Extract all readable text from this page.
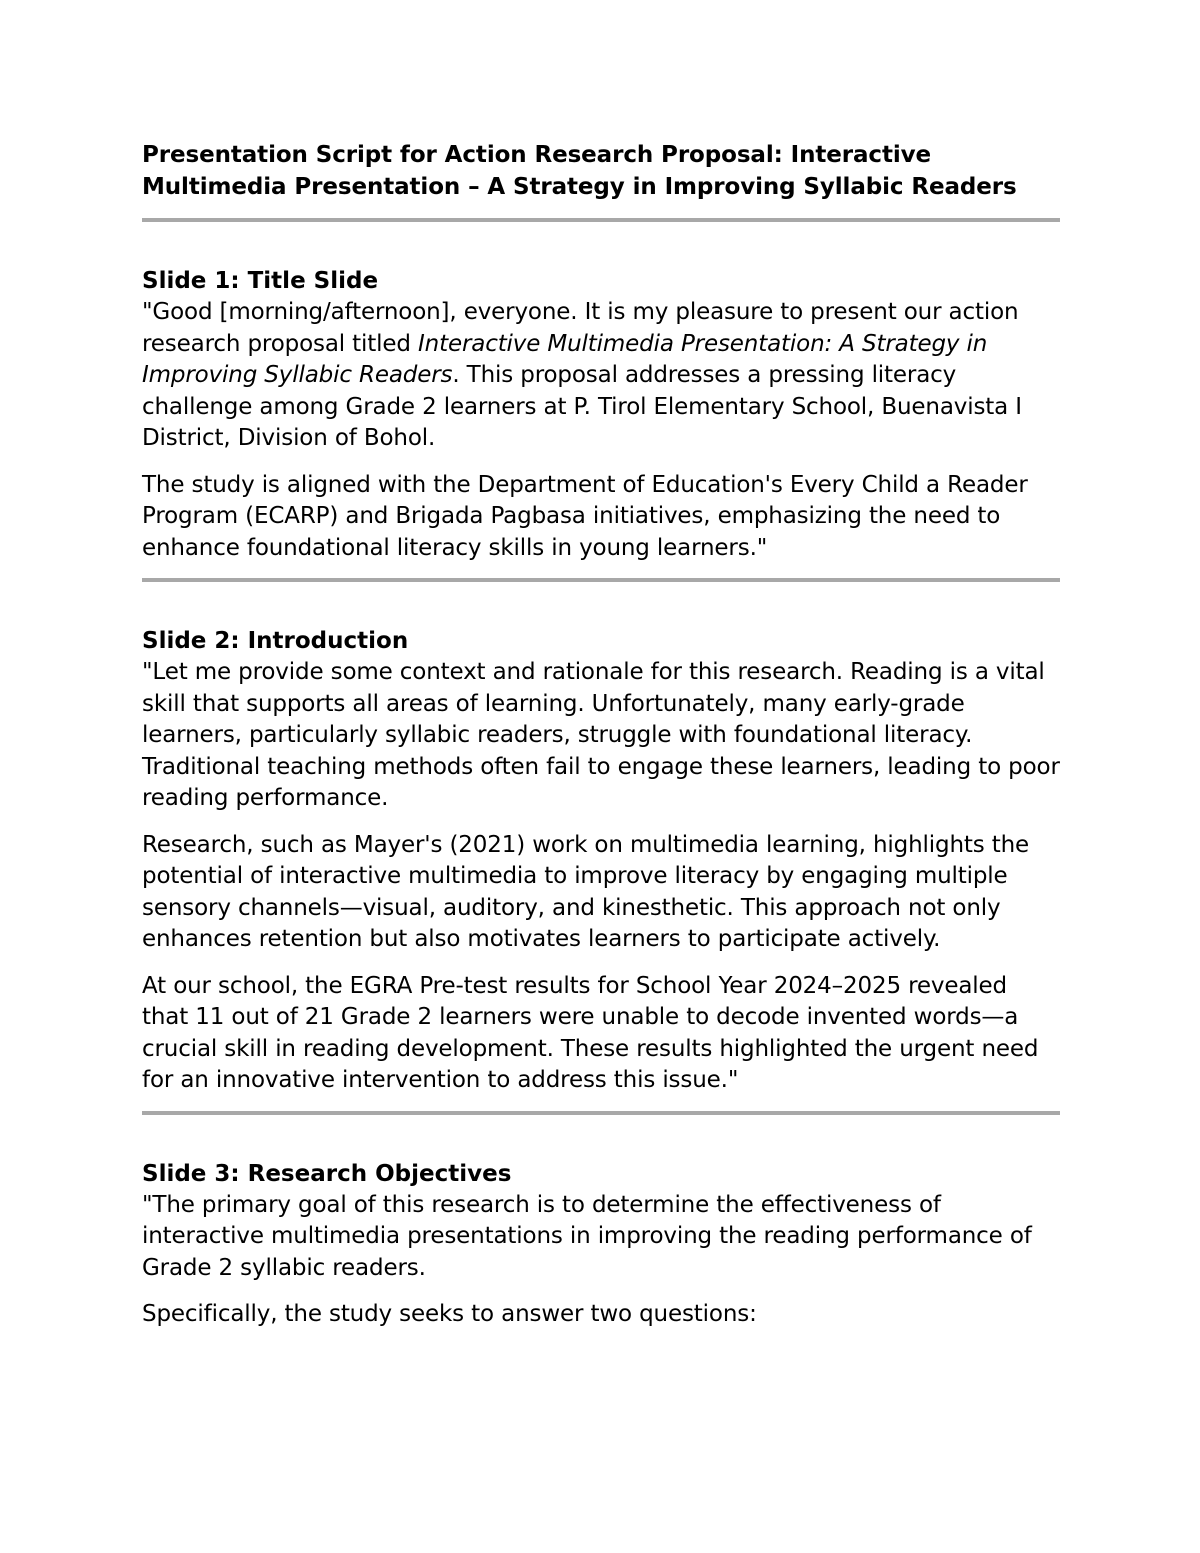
Presentation Script for Action Research Proposal: Interactive
Multimedia Presentation – A Strategy in Improving Syllabic Readers
Slide 1: Title Slide

"Good [morning/afternoon], everyone. It is my pleasure to present our action research proposal titled Interactive Multimedia Presentation: A Strategy in Improving Syllabic Readers. This proposal addresses a pressing literacy challenge among Grade 2 learners at P. Tirol Elementary School, Buenavista I District, Division of Bohol.

The study is aligned with the Department of Education's Every Child a Reader Program (ECARP) and Brigada Pagbasa initiatives, emphasizing the need to enhance foundational literacy skills in young learners."

Slide 2: Introduction

"Let me provide some context and rationale for this research. Reading is a vital skill that supports all areas of learning. Unfortunately, many early-grade learners, particularly syllabic readers, struggle with foundational literacy. Traditional teaching methods often fail to engage these learners, leading to poor reading performance.

Research, such as Mayer's (2021) work on multimedia learning, highlights the potential of interactive multimedia to improve literacy by engaging multiple sensory channels—visual, auditory, and kinesthetic. This approach not only enhances retention but also motivates learners to participate actively.

At our school, the EGRA Pre-test results for School Year 2024–2025 revealed that 11 out of 21 Grade 2 learners were unable to decode invented words—a crucial skill in reading development. These results highlighted the urgent need for an innovative intervention to address this issue."

Slide 3: Research Objectives

"The primary goal of this research is to determine the effectiveness of interactive multimedia presentations in improving the reading performance of Grade 2 syllabic readers.

Specifically, the study seeks to answer two questions:
